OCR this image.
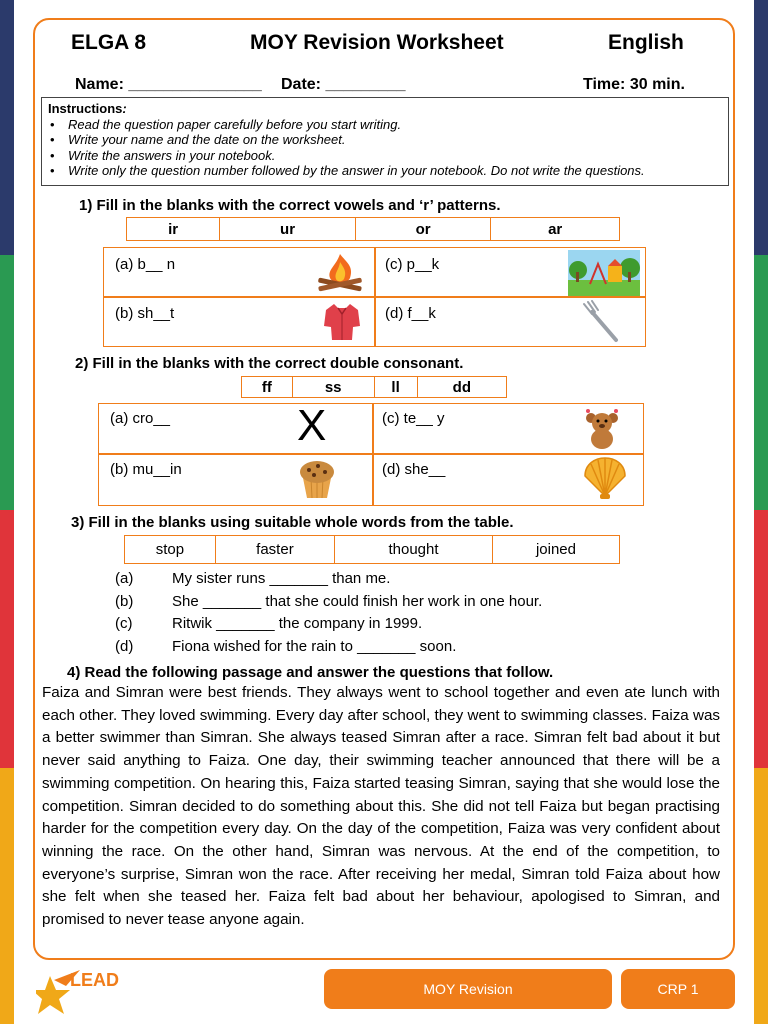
ELGA 8	MOY Revision Worksheet	English
Name: _______________ Date: _________	Time: 30 min.
Instructions:
• Read the question paper carefully before you start writing.
• Write your name and the date on the worksheet.
• Write the answers in your notebook.
• Write only the question number followed by the answer in your notebook. Do not write the questions.
1) Fill in the blanks with the correct vowels and ‘r’ patterns.
ir	ur	or	ar
(a) b__ n	(c) p__k
(b) sh__t	(d) f__k
2) Fill in the blanks with the correct double consonant.
ff	ss	ll	dd
(a) cro__	(c) te__ y
(b) mu__in	(d) she__
X
3) Fill in the blanks using suitable whole words from the table.
stop	faster	thought	joined
(a)	My sister runs _______ than me.
(b)	She _______ that she could finish her work in one hour.
(c)	Ritwik _______ the company in 1999.
(d)	Fiona wished for the rain to _______ soon.
4) Read the following passage and answer the questions that follow.
Faiza and Simran were best friends. They always went to school together and even ate lunch with each other. They loved swimming. Every day after school, they went to swimming classes. Faiza was a better swimmer than Simran. She always teased Simran after a race. Simran felt bad about it but never said anything to Faiza. One day, their swimming teacher announced that there will be a swimming competition. On hearing this, Faiza started teasing Simran, saying that she would lose the competition. Simran decided to do something about this. She did not tell Faiza but began practising harder for the competition every day. On the day of the competition, Faiza was very confident about winning the race. On the other hand, Simran was nervous. At the end of the competition, to everyone’s surprise, Simran won the race. After receiving her medal, Simran told Faiza about how she felt when she teased her. Faiza felt bad about her behaviour, apologised to Simran, and promised to never tease anyone again.
LEAD	MOY Revision	CRP 1
